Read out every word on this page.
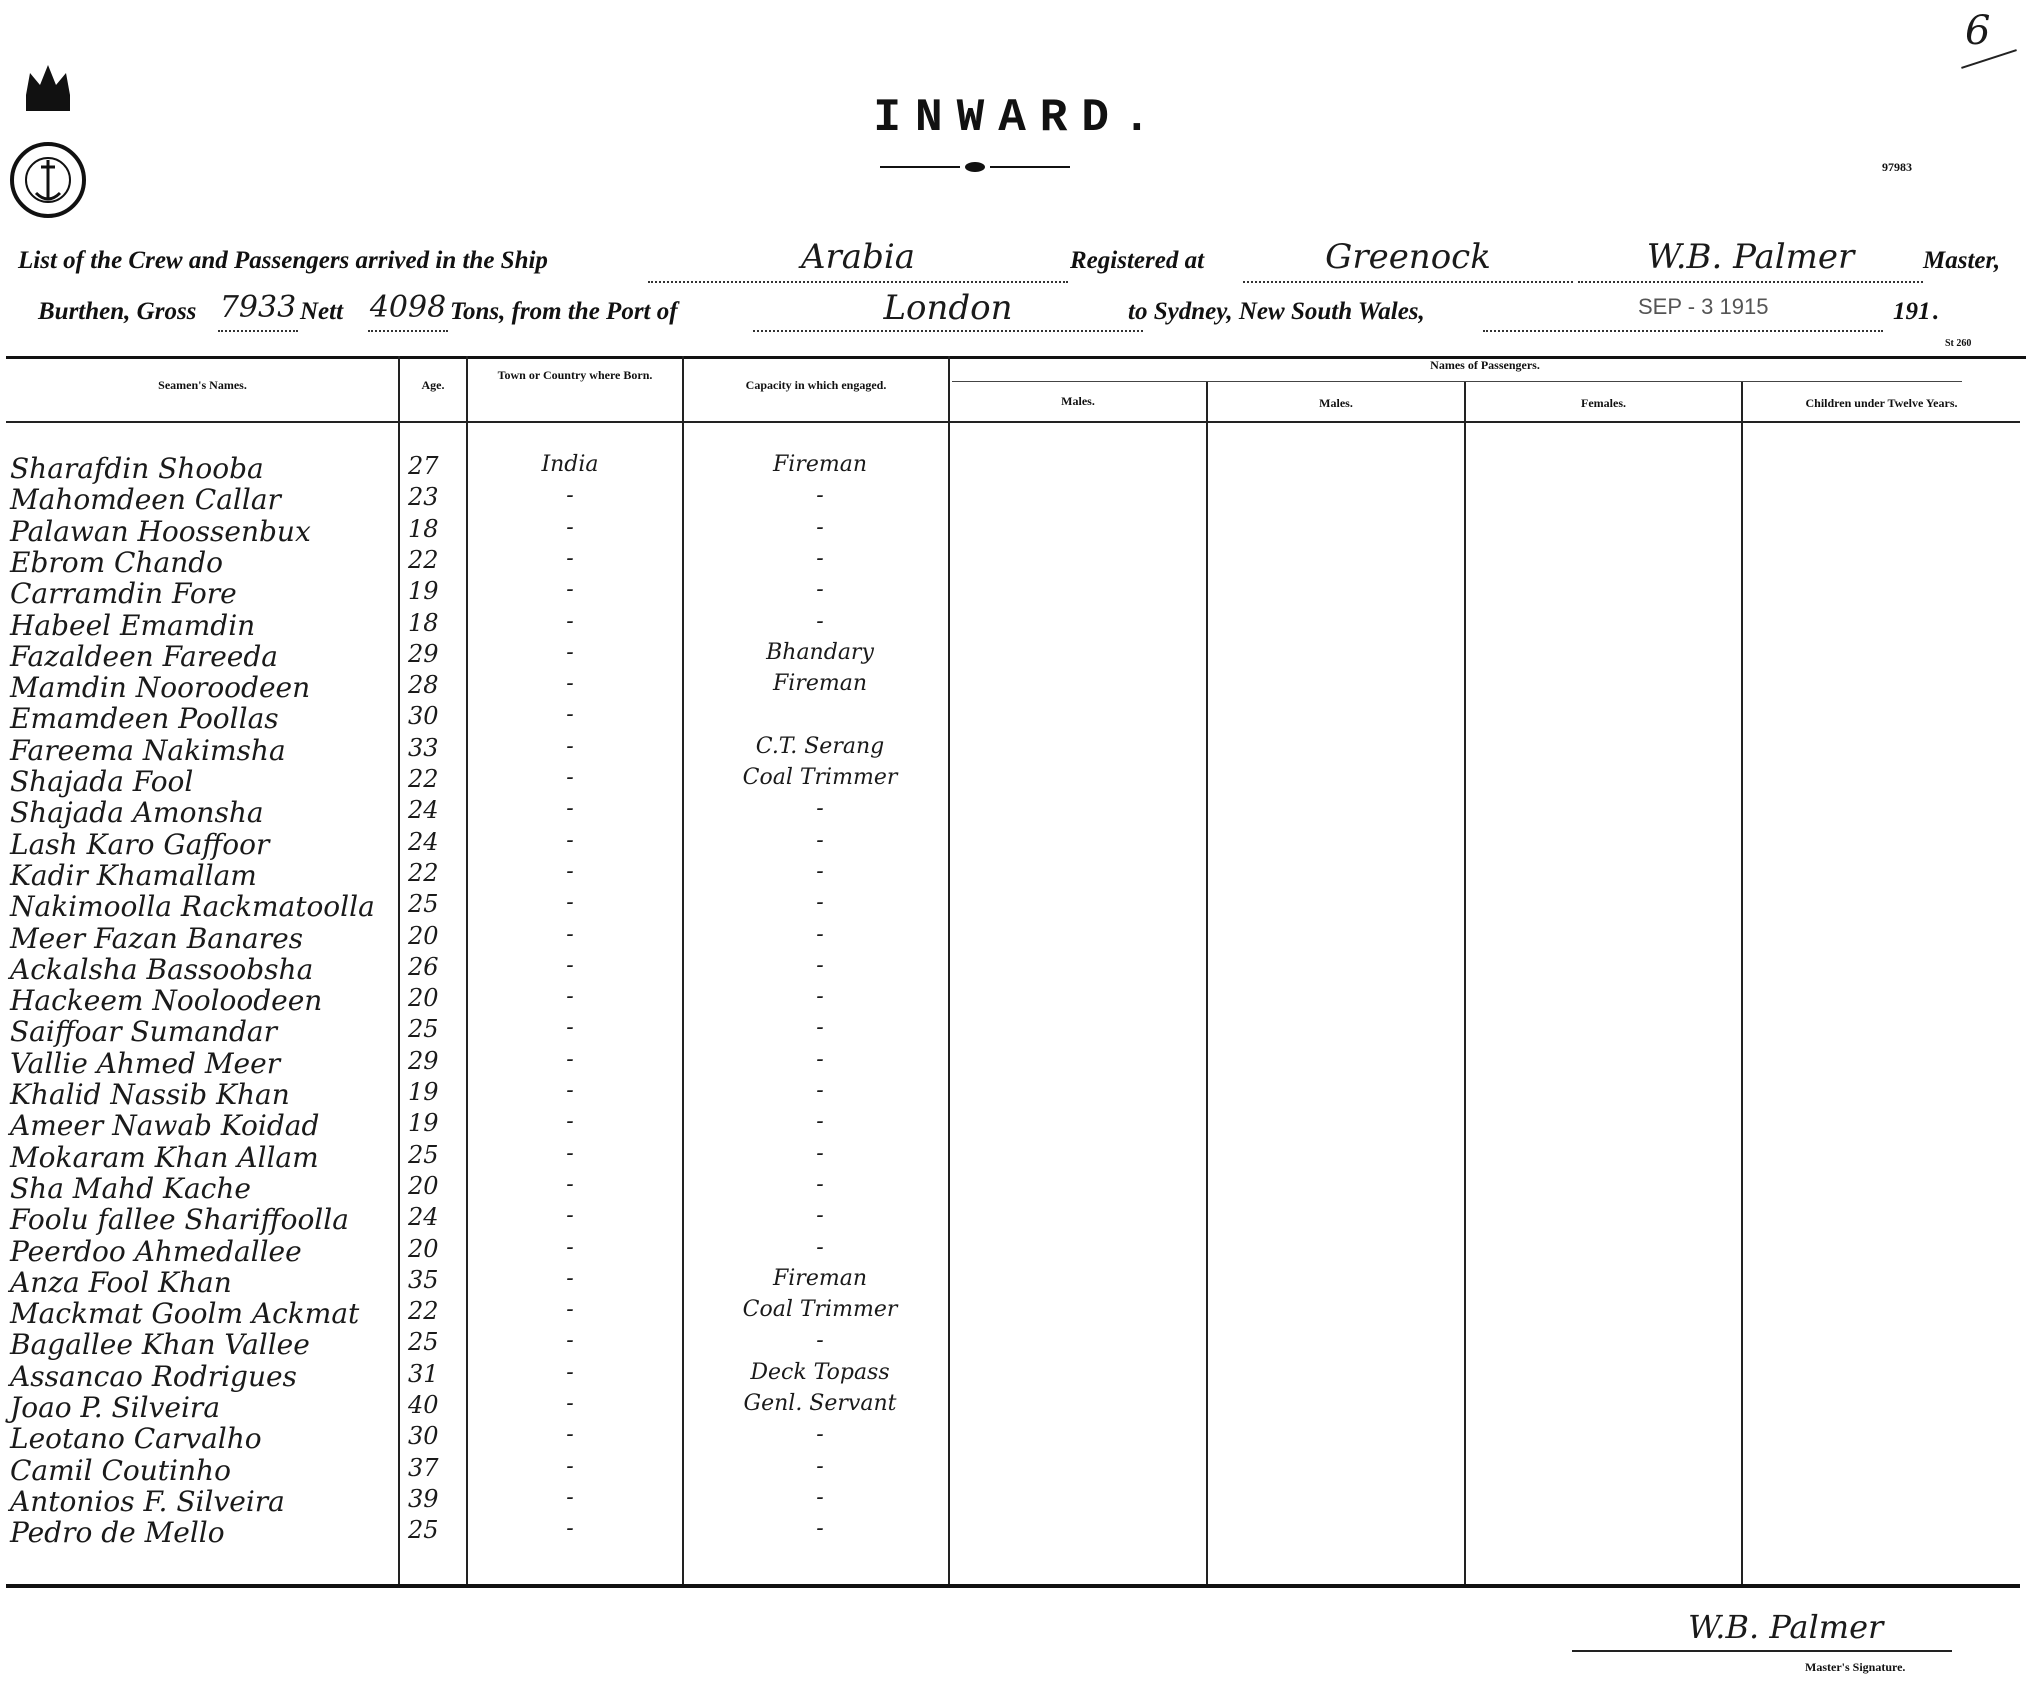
6
INWARD.
97983
List of the Crew and Passengers arrived in the Ship	Arabia	Registered at	Greenock	W.B. Palmer	Master,
Burthen, Gross 7933 Nett 4098 Tons, from the Port of	London	to Sydney, New South Wales,	SEP - 3 1915	191 .
St 260
Seamen's Names.	Age.
Town or Country where Born.
Capacity in which engaged.
Names of Passengers.
Males.	Males.	Females.	Children under Twelve Years.
Sharafdin Shooba	27	India	Fireman
Mahomdeen Callar	23	-	-
Palawan Hoossenbux	18	-	-
Ebrom Chando	22	-	-
Carramdin Fore	19	-	-
Habeel Emamdin	18	-	-
Fazaldeen Fareeda	29	-	Bhandary
Mamdin Nooroodeen	28	-	Fireman
Emamdeen Poollas	30	-
Fareema Nakimsha	33	-	C.T. Serang
Shajada Fool	22	-	Coal Trimmer
Shajada Amonsha	24	-	-
Lash Karo Gaffoor	24	-	-
Kadir Khamallam	22	-	-
Nakimoolla Rackmatoolla 25	-	-
Meer Fazan Banares	20	-	-
Ackalsha Bassoobsha	26	-	-
Hackeem Nooloodeen	20	-	-
Saiffoar Sumandar	25	-	-
Vallie Ahmed Meer	29	-	-
Khalid Nassib Khan	19	-	-
Ameer Nawab Koidad	19	-	-
Mokaram Khan Allam	25	-	-
Sha Mahd Kache	20	-	-
Foolu fallee Shariffoolla 24	-	-
Peerdoo Ahmedallee	20	-	-
Anza Fool Khan	35	-	Fireman
Mackmat Goolm Ackmat 22	-	Coal Trimmer
Bagallee Khan Vallee	25	-	-
Assancao Rodrigues	31	-	Deck Topass
Joao P. Silveira	40	-	Genl. Servant
Leotano Carvalho	30	-	-
Camil Coutinho	37	-	-
Antonios F. Silveira	39	-	-
Pedro de Mello	25	-	-
W.B. Palmer
Master's Signature.
